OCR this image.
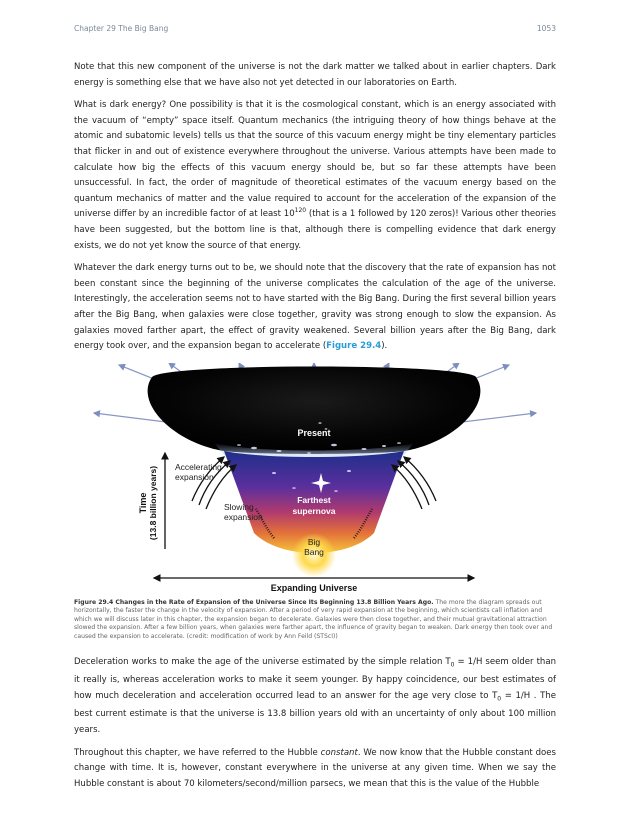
Chapter 29 The Big Bang	1053

Note that this new component of the universe is not the dark matter we talked about in earlier chapters. Dark energy is something else that we have also not yet detected in our laboratories on Earth.

What is dark energy? One possibility is that it is the cosmological constant, which is an energy associated with the vacuum of “empty” space itself. Quantum mechanics (the intriguing theory of how things behave at the atomic and subatomic levels) tells us that the source of this vacuum energy might be tiny elementary particles that flicker in and out of existence everywhere throughout the universe. Various attempts have been made to calculate how big the effects of this vacuum energy should be, but so far these attempts have been unsuccessful. In fact, the order of magnitude of theoretical estimates of the vacuum energy based on the quantum mechanics of matter and the value required to account for the acceleration of the expansion of the universe differ by an incredible factor of at least $10^{120}$ (that is a 1 followed by 120 zeros)! Various other theories have been suggested, but the bottom line is that, although there is compelling evidence that dark energy exists, we do not yet know the source of that energy.

Whatever the dark energy turns out to be, we should note that the discovery that the rate of expansion has not been constant since the beginning of the universe complicates the calculation of the age of the universe. Interestingly, the acceleration seems not to have started with the Big Bang. During the first several billion years after the Big Bang, when galaxies were close together, gravity was strong enough to slow the expansion. As galaxies moved farther apart, the effect of gravity weakened. Several billion years after the Big Bang, dark energy took over, and the expansion began to accelerate (Figure 29.4).

Time (13.8 billion years)
Expanding Universe
Present
Accelerating
expansion
Slowing
expansion
Farthest
supernova
Big
Bang
Figure 29.4 Changes in the Rate of Expansion of the Universe Since Its Beginning 13.8 Billion Years Ago. The more the diagram spreads out horizontally, the faster the change in the velocity of expansion. After a period of very rapid expansion at the beginning, which scientists call inflation and which we will discuss later in this chapter, the expansion began to decelerate. Galaxies were then close together, and their mutual gravitational attraction slowed the expansion. After a few billion years, when galaxies were farther apart, the influence of gravity began to weaken. Dark energy then took over and caused the expansion to accelerate. (credit: modification of work by Ann Feild (STScI))

Deceleration works to make the age of the universe estimated by the simple relation $T_0 = 1/H$ seem older than it really is, whereas acceleration works to make it seem younger. By happy coincidence, our best estimates of how much deceleration and acceleration occurred lead to an answer for the age very close to $T_0 = 1/H$ . The best current estimate is that the universe is 13.8 billion years old with an uncertainty of only about 100 million years.

Throughout this chapter, we have referred to the Hubble constant. We now know that the Hubble constant does change with time. It is, however, constant everywhere in the universe at any given time. When we say the Hubble constant is about 70 kilometers/second/million parsecs, we mean that this is the value of the Hubble
